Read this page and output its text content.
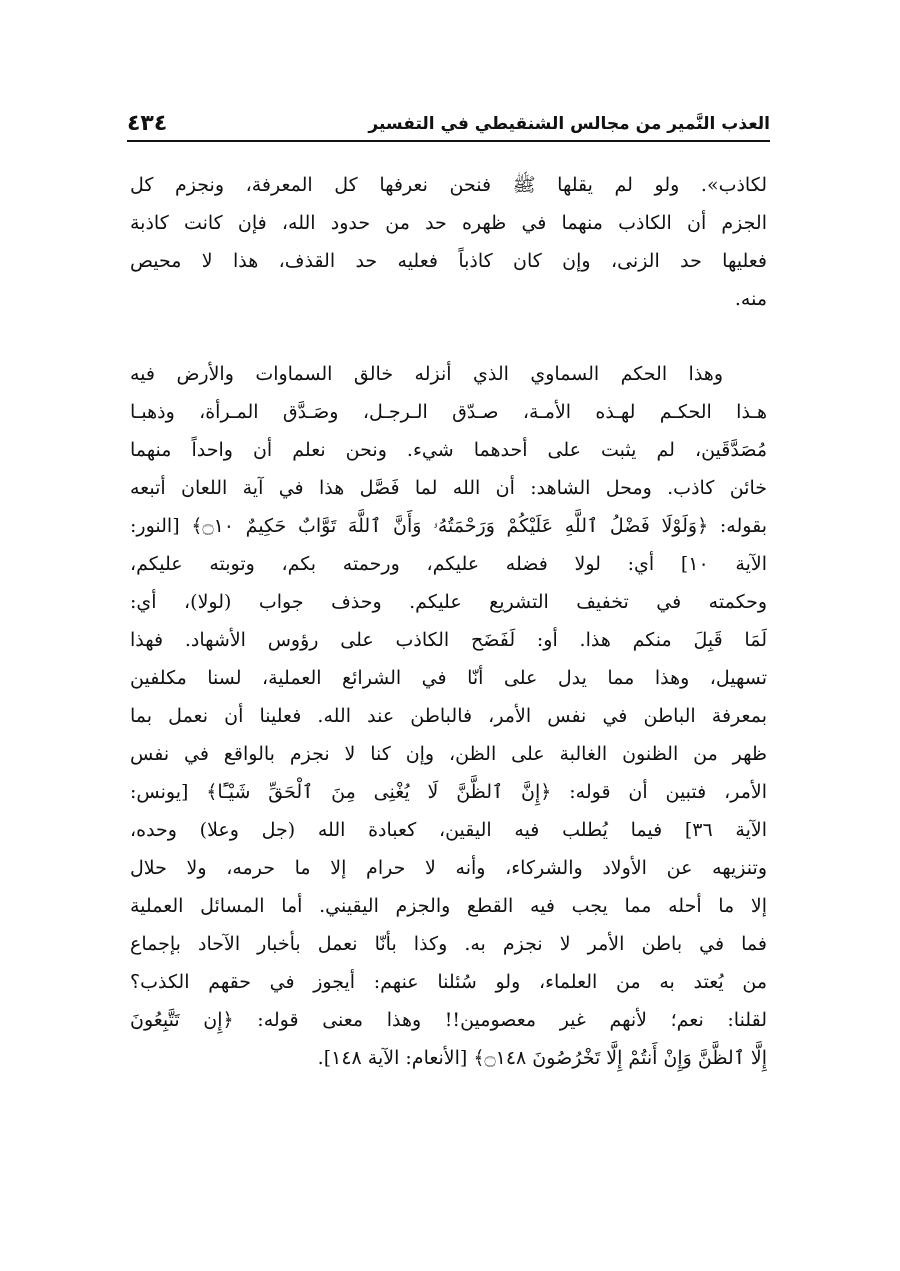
العذب النَّمير من مجالس الشنقيطي في التفسير
٤٣٤
لكاذب». ولو لم يقلها ﷺ فنحن نعرفها كل المعرفة، ونجزم كل
الجزم أن الكاذب منهما في ظهره حد من حدود الله، فإن كانت كاذبة
فعليها حد الزنى، وإن كان كاذباً فعليه حد القذف، هذا لا محيص
منه.
وهذا الحكم السماوي الذي أنزله خالق السماوات والأرض فيه
هـذا الحكـم لهـذه الأمـة، صـدّق الـرجـل، وصَـدَّق المـرأة، وذهبـا
مُصَدَّقَين، لم يثبت على أحدهما شيء. ونحن نعلم أن واحداً منهما
خائن كاذب. ومحل الشاهد: أن الله لما فَصَّل هذا في آية اللعان أتبعه
بقوله: ﴿وَلَوْلَا فَضْلُ ٱللَّهِ عَلَيْكُمْ وَرَحْمَتُهُۥ وَأَنَّ ٱللَّهَ تَوَّابٌ حَكِيمٌ ۝١٠﴾ [النور:
الآية ١٠] أي: لولا فضله عليكم، ورحمته بكم، وتوبته عليكم،
وحكمته في تخفيف التشريع عليكم. وحذف جواب (لولا)، أي:
لَمَا قَبِلَ منكم هذا. أو: لَفَضَح الكاذب على رؤوس الأشهاد. فهذا
تسهيل، وهذا مما يدل على أنّا في الشرائع العملية، لسنا مكلفين
بمعرفة الباطن في نفس الأمر، فالباطن عند الله. فعلينا أن نعمل بما
ظهر من الظنون الغالبة على الظن، وإن كنا لا نجزم بالواقع في نفس
الأمر، فتبين أن قوله: ﴿إِنَّ ٱلظَّنَّ لَا يُغْنِى مِنَ ٱلْحَقِّ شَيْـًٔا﴾ [يونس:
الآية ٣٦] فيما يُطلب فيه اليقين، كعبادة الله (جل وعلا) وحده،
وتنزيهه عن الأولاد والشركاء، وأنه لا حرام إلا ما حرمه، ولا حلال
إلا ما أحله مما يجب فيه القطع والجزم اليقيني. أما المسائل العملية
فما في باطن الأمر لا نجزم به. وكذا بأنّا نعمل بأخبار الآحاد بإجماع
من يُعتد به من العلماء، ولو سُئلنا عنهم: أيجوز في حقهم الكذب؟
لقلنا: نعم؛ لأنهم غير معصومين!! وهذا معنى قوله: ﴿إِن تَتَّبِعُونَ
إِلَّا ٱلظَّنَّ وَإِنْ أَنتُمْ إِلَّا تَخْرُصُونَ ۝١٤٨﴾ [الأنعام: الآية ١٤٨].
